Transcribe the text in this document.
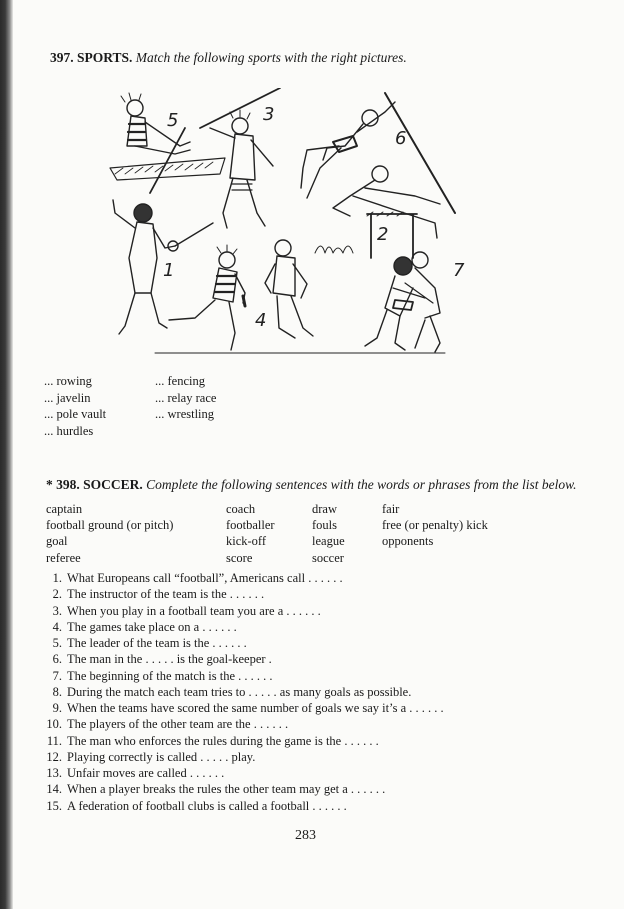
397. SPORTS. Match the following sports with the right pictures.
5	3
6
2
1
4
7
... rowing
... javelin
... pole vault
... hurdles
... fencing
... relay race
... wrestling
* 398. SOCCER. Complete the following sentences with the words or phrases from the list below.
captain	coach	draw	fair
football ground (or pitch)	footballer	fouls	free (or penalty) kick
goal	kick-off	league	opponents
referee	score	soccer
1. What Europeans call “football”, Americans call . . . . . .
2. The instructor of the team is the . . . . . .
3. When you play in a football team you are a . . . . . .
4. The games take place on a . . . . . .
5. The leader of the team is the . . . . . .
6. The man in the . . . . . is the goal-keeper .
7. The beginning of the match is the . . . . . .
8. During the match each team tries to . . . . . as many goals as possible.
9. When the teams have scored the same number of goals we say it’s a . . . . . .
10. The players of the other team are the . . . . . .
11. The man who enforces the rules during the game is the . . . . . .
12. Playing correctly is called . . . . . play.
13. Unfair moves are called . . . . . .
14. When a player breaks the rules the other team may get a . . . . . .
15. A federation of football clubs is called a football . . . . . .
283
